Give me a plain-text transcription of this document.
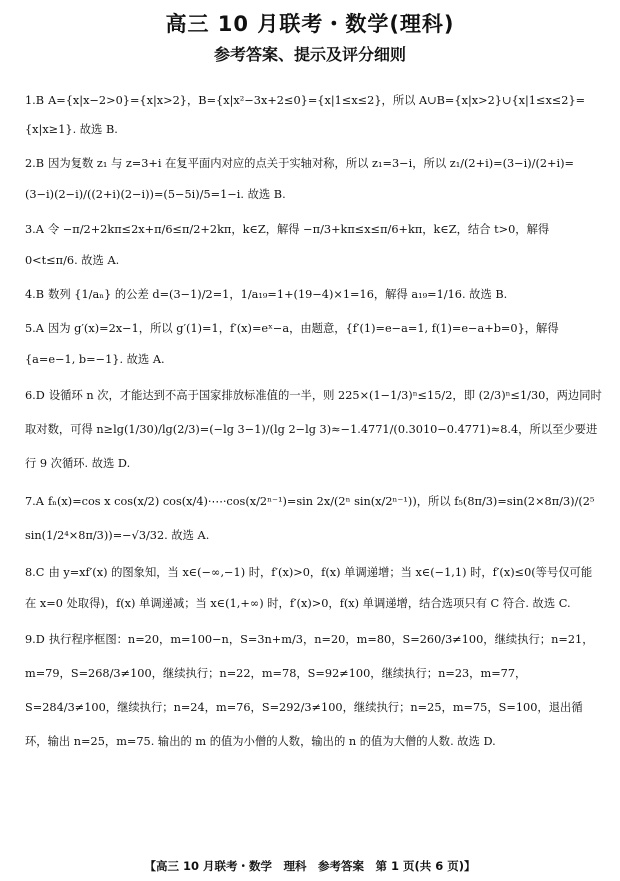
高三 10 月联考・数学(理科)
参考答案、提示及评分细则
1.B A={x|x−2>0}={x|x>2}，B={x|x²−3x+2≤0}={x|1≤x≤2}，所以 A∪B={x|x>2}∪{x|1≤x≤2}={x|x≥1}. 故选 B.
2.B 因为复数 z₁ 与 z=3+i 在复平面内对应的点关于实轴对称，所以 z₁=3−i，所以 z₁/(2+i)=(3−i)/(2+i)=(3−i)(2−i)/((2+i)(2−i))=(5−5i)/5=1−i. 故选 B.
3.A 令 −π/2+2kπ≤2x+π/6≤π/2+2kπ，k∈Z，解得 −π/3+kπ≤x≤π/6+kπ，k∈Z，结合 t>0，解得 0<t≤π/6. 故选 A.
4.B 数列 {1/aₙ} 的公差 d=(3−1)/2=1，1/a₁₉=1+(19−4)×1=16，解得 a₁₉=1/16. 故选 B.
5.A 因为 g′(x)=2x−1，所以 g′(1)=1，f′(x)=eˣ−a，由题意，{f′(1)=e−a=1, f(1)=e−a+b=0}，解得 {a=e−1, b=−1}. 故选 A.
6.D 设循环 n 次，才能达到不高于国家排放标准值的一半，则 225×(1−1/3)ⁿ≤15/2，即 (2/3)ⁿ≤1/30，两边同时取对数，可得 n≥lg(1/30)/lg(2/3)=(−lg 3−1)/(lg 2−lg 3)≈−1.4771/(0.3010−0.4771)≈8.4，所以至少要进行 9 次循环. 故选 D.
7.A fₙ(x)=cos x cos(x/2) cos(x/4)·⋯·cos(x/2ⁿ⁻¹)=sin 2x/(2ⁿ sin(x/2ⁿ⁻¹))，所以 f₅(8π/3)=sin(2×8π/3)/(2⁵ sin(1/2⁴×8π/3))=−√3/32. 故选 A.
8.C 由 y=xf′(x) 的图象知，当 x∈(−∞,−1) 时，f′(x)>0，f(x) 单调递增；当 x∈(−1,1) 时，f′(x)≤0(等号仅可能在 x=0 处取得)，f(x) 单调递减；当 x∈(1,+∞) 时，f′(x)>0，f(x) 单调递增，结合选项只有 C 符合. 故选 C.
9.D 执行程序框图：n=20，m=100−n，S=3n+m/3，n=20，m=80，S=260/3≠100，继续执行；n=21，m=79，S=268/3≠100，继续执行；n=22，m=78，S=92≠100，继续执行；n=23，m=77，S=284/3≠100，继续执行；n=24，m=76，S=292/3≠100，继续执行；n=25，m=75，S=100，退出循环，输出 n=25，m=75. 输出的 m 的值为小僧的人数，输出的 n 的值为大僧的人数. 故选 D.
【高三 10 月联考・数学　理科　参考答案　第 1 页(共 6 页)】
